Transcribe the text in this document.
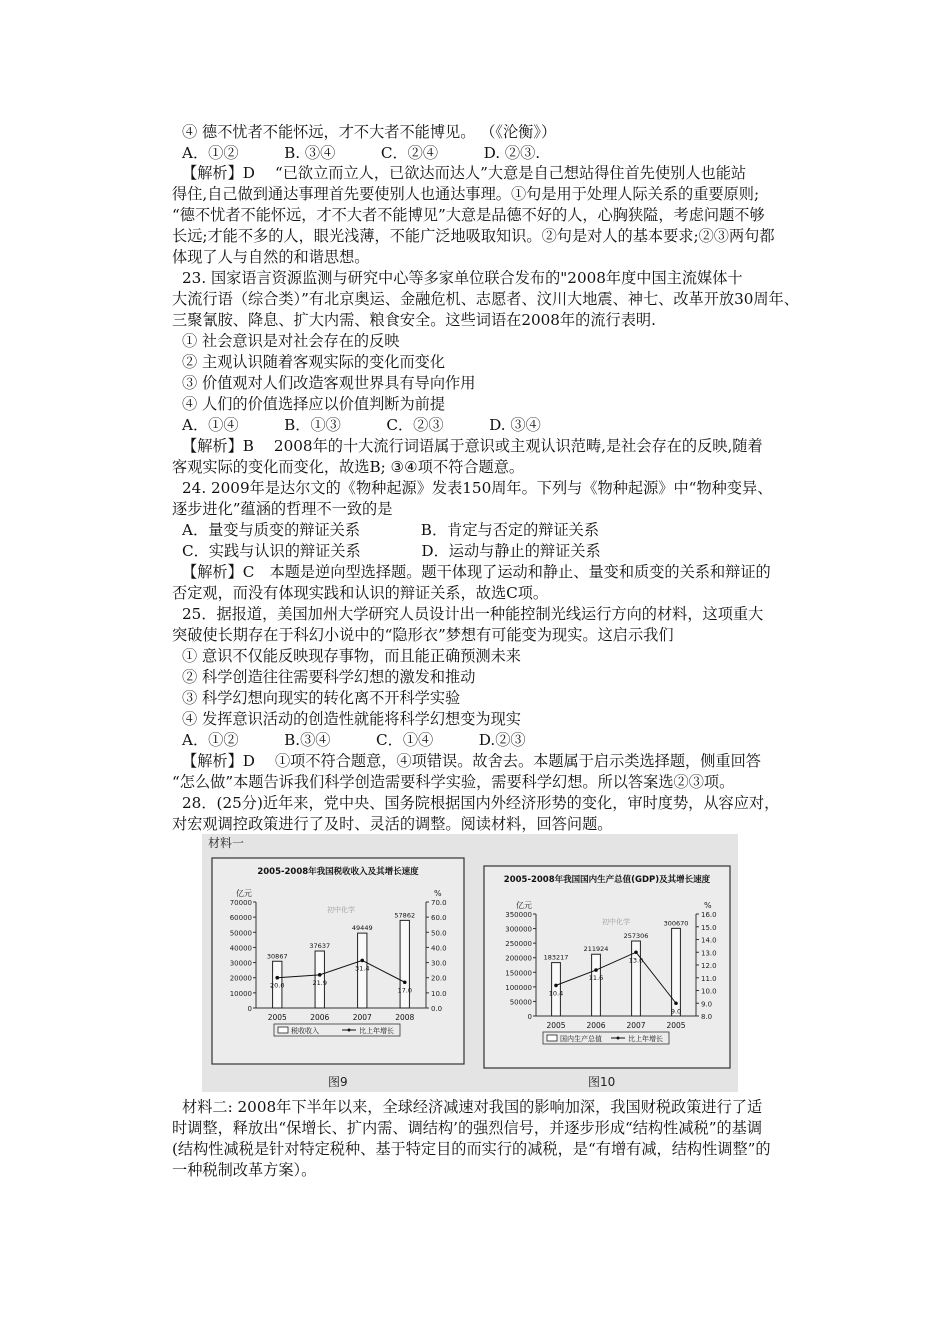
④ 德不忧者不能怀远，才不大者不能博见。 （《沦衡》）
A．①②　　　B. ③④　　　C．②④　　　D. ②③.
【解析】D　 “已欲立而立人，已欲达而达人”大意是自己想站得住首先使别人也能站
得住,自己做到通达事理首先要使别人也通达事理。①句是用于处理人际关系的重要原则;
“德不忧者不能怀远，才不大者不能博见”大意是品德不好的人，心胸狭隘，考虑问题不够
长远;才能不多的人，眼光浅薄，不能广泛地吸取知识。②句是对人的基本要求;②③两句都
体现了人与自然的和谐思想。
23. 国家语言资源监测与研究中心等多家单位联合发布的"2008年度中国主流媒体十
大流行语（综合类）”有北京奥运、金融危机、志愿者、汶川大地震、神七、改革开放30周年、
三聚氰胺、降息、扩大内需、粮食安全。这些词语在2008年的流行表明.
① 社会意识是对社会存在的反映
② 主观认识随着客观实际的变化而变化
③ 价值观对人们改造客观世界具有导向作用
④ 人们的价值选择应以价值判断为前提
A．①④　　　B．①③　　　C．②③　　　D. ③④
【解析】B　 2008年的十大流行词语属于意识或主观认识范畴,是社会存在的反映,随着
客观实际的变化而变化，故选B; ③④项不符合题意。
24. 2009年是达尔文的《物种起源》发表150周年。下列与《物种起源》中“物种变异、
逐步进化”蕴涵的哲理不一致的是
A．量变与质变的辩证关系　　　　B．肯定与否定的辩证关系
C．实践与认识的辩证关系　　　　D．运动与静止的辩证关系
【解析】C　本题是逆向型选择题。题干体现了运动和静止、量变和质变的关系和辩证的
否定观，而没有体现实践和认识的辩证关系，故选C项。
25．据报道，美国加州大学研究人员设计出一种能控制光线运行方向的材料，这项重大
突破使长期存在于科幻小说中的“隐形衣”梦想有可能变为现实。这启示我们
① 意识不仅能反映现存事物，而且能正确预测未来
② 科学创造往往需要科学幻想的激发和推动
③ 科学幻想向现实的转化离不开科学实验
④ 发挥意识活动的创造性就能将科学幻想变为现实
A．①②　　　B.③④　　　C．①④　　　D.②③
【解析】D　 ①项不符合题意，④项错误。故舍去。本题属于启示类选择题，侧重回答
“怎么做”本题告诉我们科学创造需要科学实验，需要科学幻想。所以答案选②③项。
28．(25分)近年来，党中央、国务院根据国内外经济形势的变化，审时度势，从容应对，
对宏观调控政策进行了及时、灵活的调整。阅读材料，回答问题。
材料一
2005-2008年我国税收收入及其增长速度
亿元	%
0
10000
20000
30000
40000
50000
60000
70000
0.0
10.0
20.0
30.0
40.0
50.0
60.0
70.0
30867
2005
37637
2006
49449
2007
57862
2008
20.0	21.9
31.4
17.0
初中化学
税收收入	比上年增长
2005-2008年我国国内生产总值(GDP)及其增长速度
亿元	%
0
50000
100000
150000
200000
250000
300000
350000
8.0
9.0
10.0
11.0
12.0
13.0
14.0
15.0
16.0
183217
2005
211924
2006
257306
2007
300670
2005
10.4
11.6
13.0
9.0
初中化学
国内生产总值	比上年增长
图9	图10
材料二: 2008年下半年以来，全球经济减速对我国的影响加深，我国财税政策进行了适
时调整，释放出“保增长、扩内需、调结构’的强烈信号，并逐步形成“结构性减税”的基调
(结构性减税是针对特定税种、基于特定目的而实行的减税，是“有增有减，结构性调整”的
一种税制改革方案）。
